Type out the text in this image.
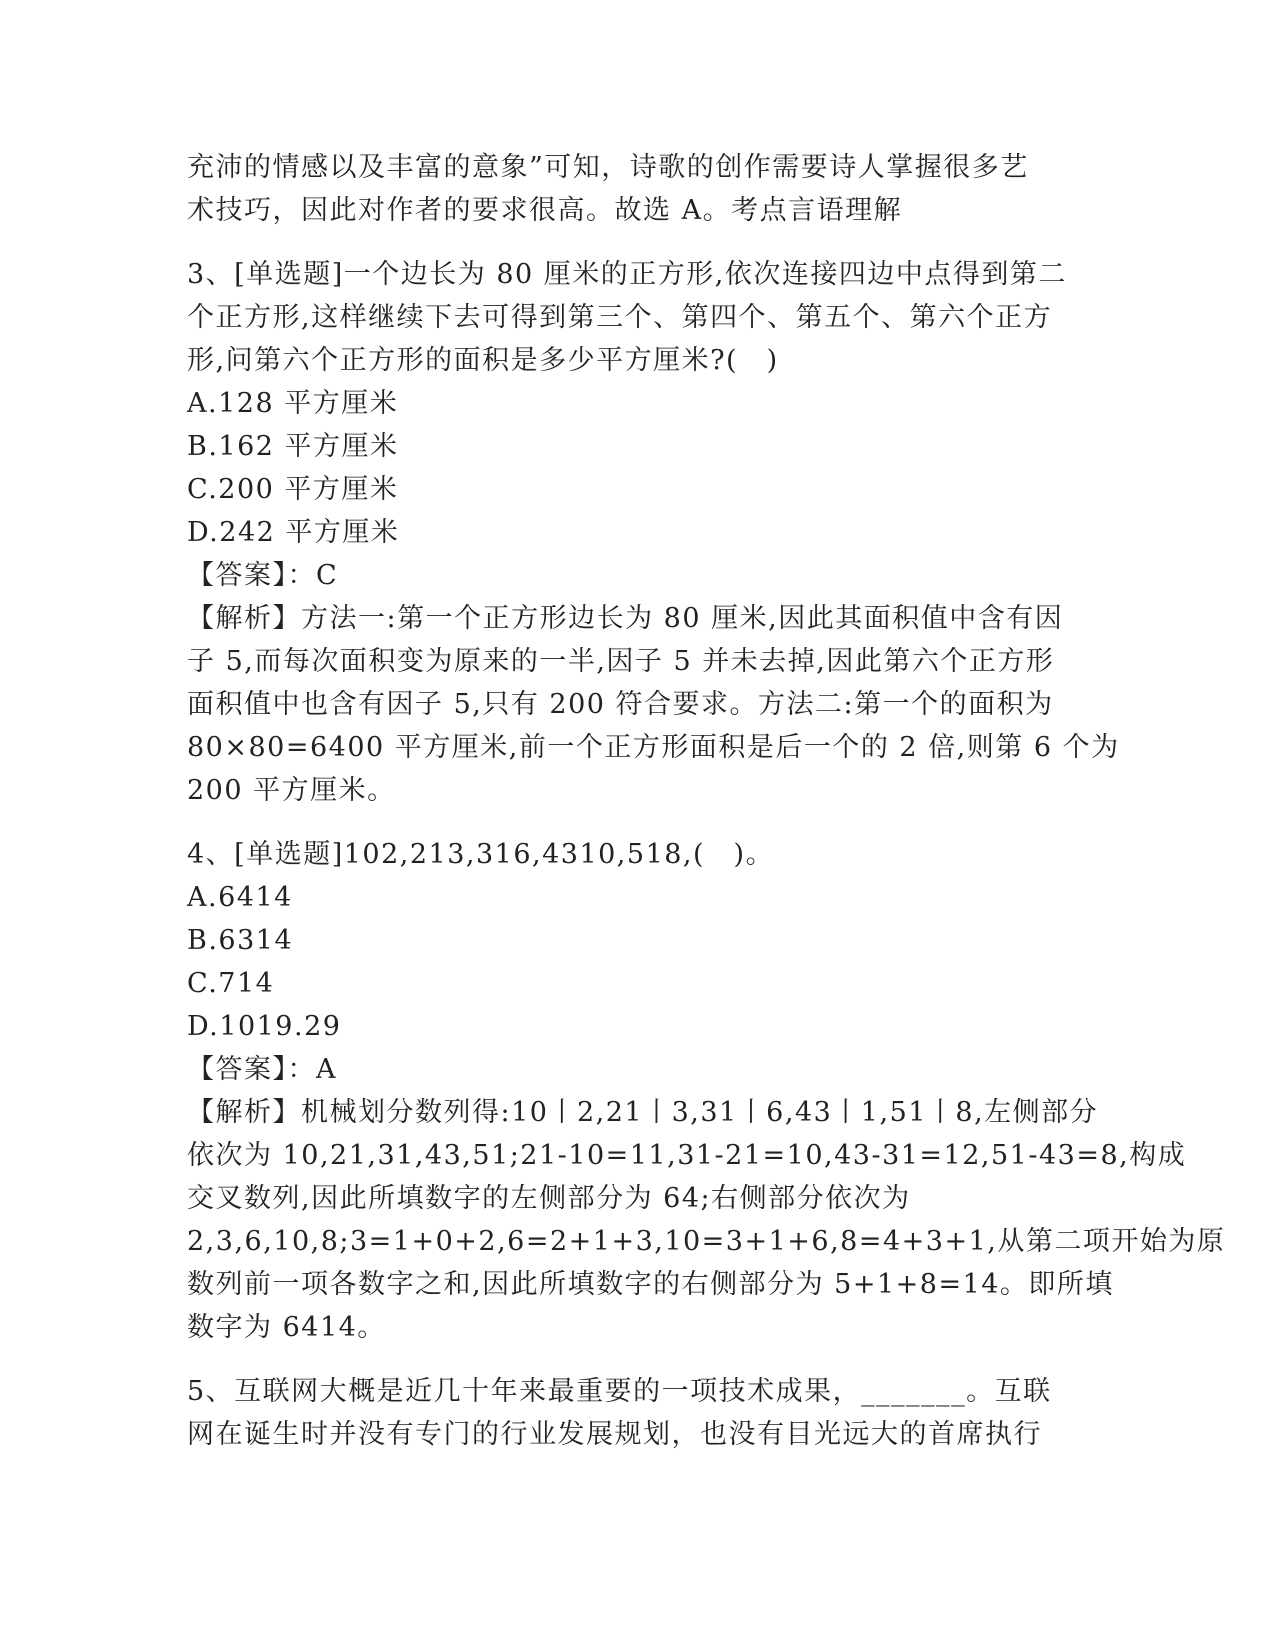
充沛的情感以及丰富的意象”可知，诗歌的创作需要诗人掌握很多艺
术技巧，因此对作者的要求很高。故选 A。考点言语理解
3、[单选题]一个边长为 80 厘米的正方形,依次连接四边中点得到第二
个正方形,这样继续下去可得到第三个、第四个、第五个、第六个正方
形,问第六个正方形的面积是多少平方厘米?(　)
A.128 平方厘米
B.162 平方厘米
C.200 平方厘米
D.242 平方厘米
【答案】：C
【解析】方法一:第一个正方形边长为 80 厘米,因此其面积值中含有因
子 5,而每次面积变为原来的一半,因子 5 并未去掉,因此第六个正方形
面积值中也含有因子 5,只有 200 符合要求。方法二:第一个的面积为
80×80=6400 平方厘米,前一个正方形面积是后一个的 2 倍,则第 6 个为
200 平方厘米。
4、[单选题]102,213,316,4310,518,(　)。
A.6414
B.6314
C.714
D.1019.29
【答案】：A
【解析】机械划分数列得:10丨2,21丨3,31丨6,43丨1,51丨8,左侧部分
依次为 10,21,31,43,51;21-10=11,31-21=10,43-31=12,51-43=8,构成
交叉数列,因此所填数字的左侧部分为 64;右侧部分依次为
2,3,6,10,8;3=1+0+2,6=2+1+3,10=3+1+6,8=4+3+1,从第二项开始为原
数列前一项各数字之和,因此所填数字的右侧部分为 5+1+8=14。即所填
数字为 6414。
5、互联网大概是近几十年来最重要的一项技术成果，_______。互联
网在诞生时并没有专门的行业发展规划，也没有目光远大的首席执行
